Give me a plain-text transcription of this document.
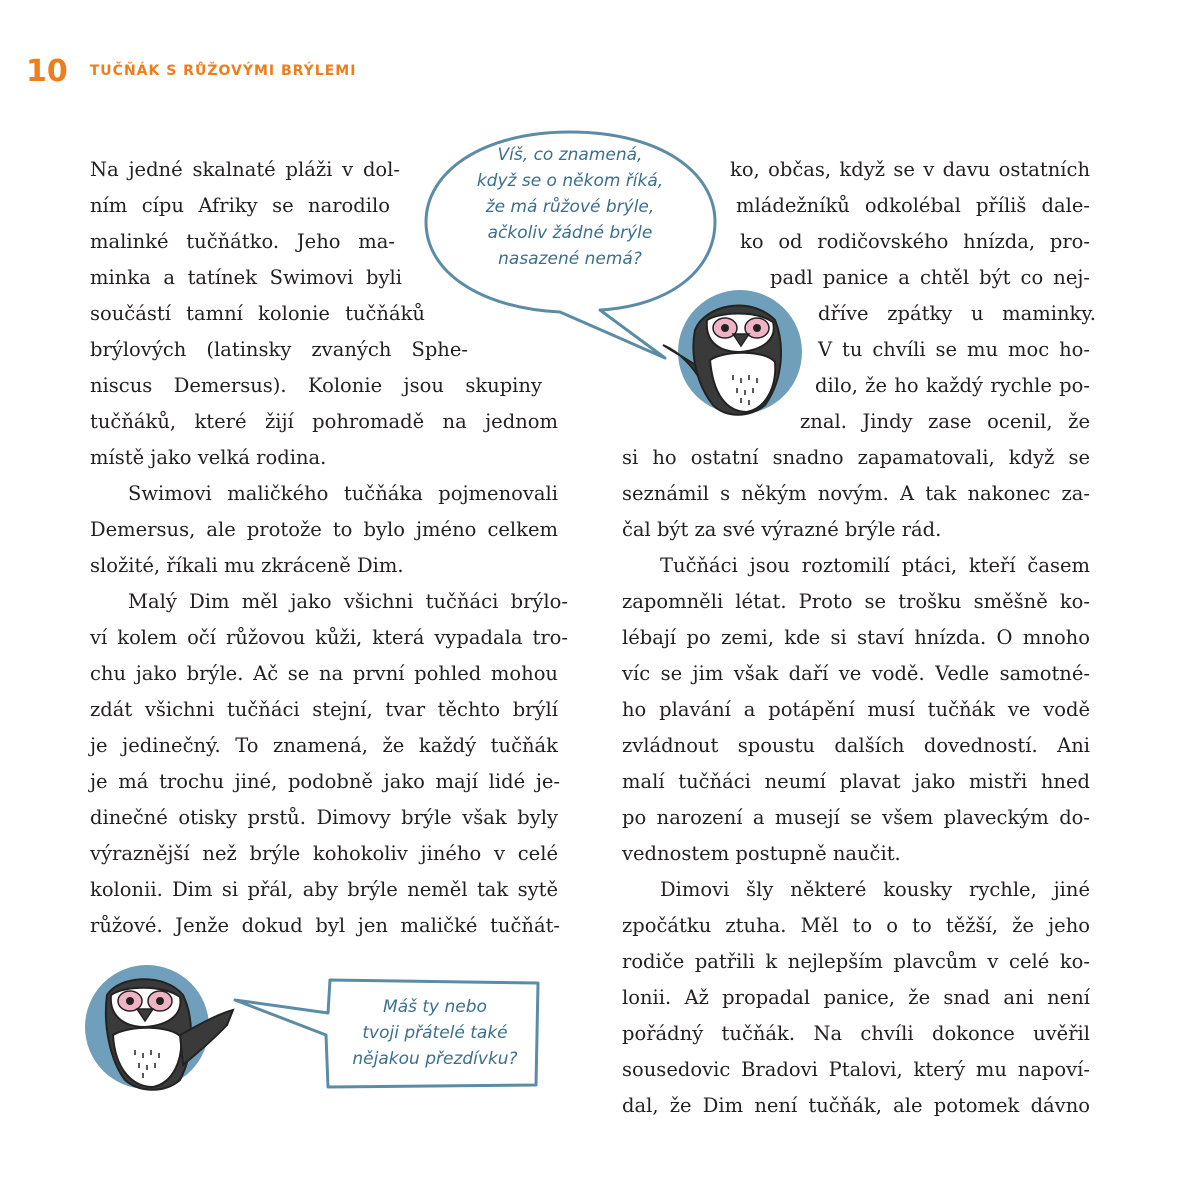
10 TUČŇÁK S RŮŽOVÝMI BRÝLEMI
Víš, co znamená,
když se o někom říká,
že má růžové brýle,
ačkoliv žádné brýle
nasazené nemá?
Máš ty nebo
tvoji přátelé také
nějakou přezdívku?
Na jedné skalnaté pláži v dol-
ním cípu Afriky se narodilo
malinké tučňátko. Jeho ma-
minka a tatínek Swimovi byli
součástí tamní kolonie tučňáků
brýlových (latinsky zvaných Sphe-
niscus Demersus). Kolonie jsou skupiny
tučňáků, které žijí pohromadě na jednom
místě jako velká rodina.
Swimovi maličkého tučňáka pojmenovali
Demersus, ale protože to bylo jméno celkem
složité, říkali mu zkráceně Dim.
Malý Dim měl jako všichni tučňáci brýlo-
ví kolem očí růžovou kůži, která vypadala tro-
chu jako brýle. Ač se na první pohled mohou
zdát všichni tučňáci stejní, tvar těchto brýlí
je jedinečný. To znamená, že každý tučňák
je má trochu jiné, podobně jako mají lidé je-
dinečné otisky prstů. Dimovy brýle však byly
výraznější než brýle kohokoliv jiného v celé
kolonii. Dim si přál, aby brýle neměl tak sytě
růžové. Jenže dokud byl jen maličké tučňát-
ko, občas, když se v davu ostatních
mládežníků odkolébal příliš dale-
ko od rodičovského hnízda, pro-
padl panice a chtěl být co nej-
dříve zpátky u maminky.
V tu chvíli se mu moc ho-
dilo, že ho každý rychle po-
znal. Jindy zase ocenil, že
si ho ostatní snadno zapamatovali, když se
seznámil s někým novým. A tak nakonec za-
čal být za své výrazné brýle rád.
Tučňáci jsou roztomilí ptáci, kteří časem
zapomněli létat. Proto se trošku směšně ko-
lébají po zemi, kde si staví hnízda. O mnoho
víc se jim však daří ve vodě. Vedle samotné-
ho plavání a potápění musí tučňák ve vodě
zvládnout spoustu dalších dovedností. Ani
malí tučňáci neumí plavat jako mistři hned
po narození a musejí se všem plaveckým do-
vednostem postupně naučit.
Dimovi šly některé kousky rychle, jiné
zpočátku ztuha. Měl to o to těžší, že jeho
rodiče patřili k nejlepším plavcům v celé ko-
lonii. Až propadal panice, že snad ani není
pořádný tučňák. Na chvíli dokonce uvěřil
sousedovic Bradovi Ptalovi, který mu napoví-
dal, že Dim není tučňák, ale potomek dávno
